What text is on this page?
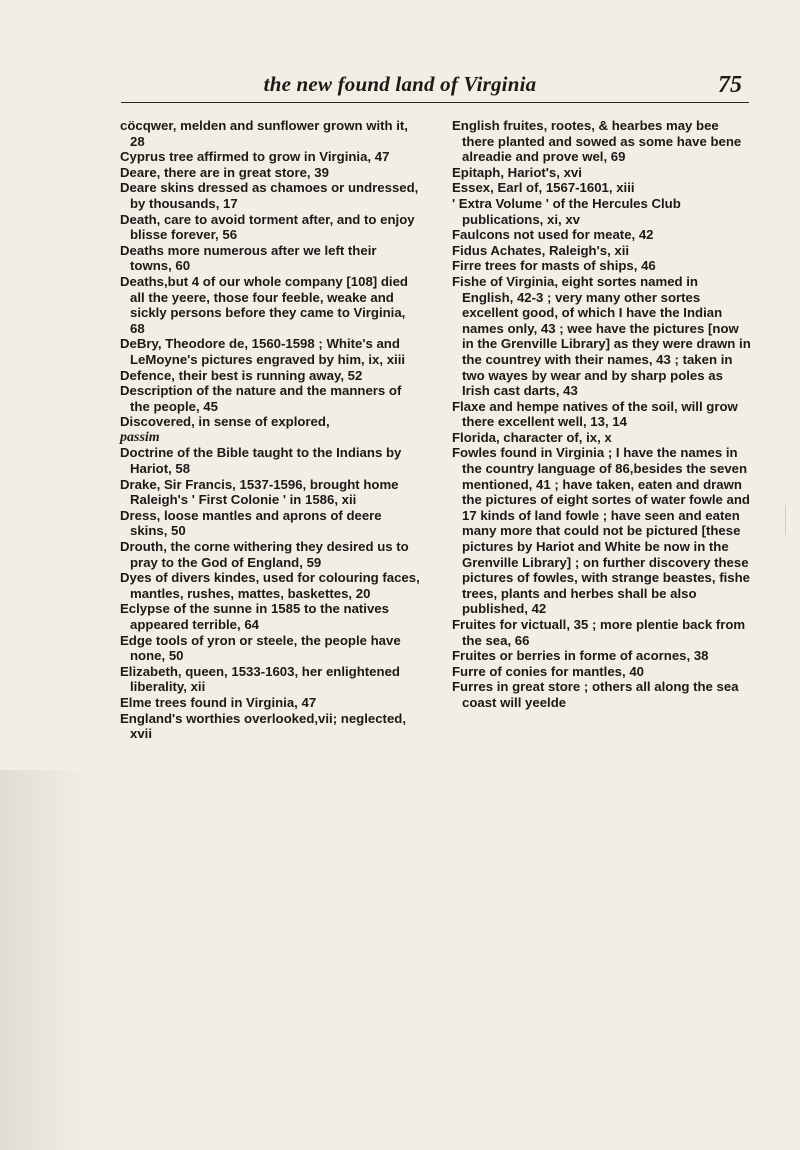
the new found land of Virginia	75

cöcqwer, melden and sunflower grown with it, 28

Cyprus tree affirmed to grow in Virginia, 47

Deare, there are in great store, 39

Deare skins dressed as chamoes or undressed, by thousands, 17

Death, care to avoid torment after, and to enjoy blisse forever, 56

Deaths more numerous after we left their towns, 60

Deaths,but 4 of our whole company [108] died all the yeere, those four feeble, weake and sickly persons before they came to Virginia, 68

DeBry, Theodore de, 1560-1598 ; White's and LeMoyne's pictures engraved by him, ix, xiii

Defence, their best is running away, 52

Description of the nature and the manners of the people, 45

Discovered, in sense of explored,

passim

Doctrine of the Bible taught to the Indians by Hariot, 58

Drake, Sir Francis, 1537-1596, brought home Raleigh's ' First Colonie ' in 1586, xii

Dress, loose mantles and aprons of deere skins, 50

Drouth, the corne withering they desired us to pray to the God of England, 59

Dyes of divers kindes, used for colouring faces, mantles, rushes, mattes, baskettes, 20

Eclypse of the sunne in 1585 to the natives appeared terrible, 64

Edge tools of yron or steele, the people have none, 50

Elizabeth, queen, 1533-1603, her enlightened liberality, xii

Elme trees found in Virginia, 47

England's worthies overlooked,vii; neglected, xvii

English fruites, rootes, & hearbes may bee there planted and sowed as some have bene alreadie and prove wel, 69

Epitaph, Hariot's, xvi

Essex, Earl of, 1567-1601, xiii

' Extra Volume ' of the Hercules Club publications, xi, xv

Faulcons not used for meate, 42

Fidus Achates, Raleigh's, xii

Firre trees for masts of ships, 46

Fishe of Virginia, eight sortes named in English, 42-3 ; very many other sortes excellent good, of which I have the Indian names only, 43 ; wee have the pictures [now in the Grenville Library] as they were drawn in the countrey with their names, 43 ; taken in two wayes by wear and by sharp poles as Irish cast darts, 43

Flaxe and hempe natives of the soil, will grow there excellent well, 13, 14

Florida, character of, ix, x

Fowles found in Virginia ; I have the names in the country language of 86,besides the seven mentioned, 41 ; have taken, eaten and drawn the pictures of eight sortes of water fowle and 17 kinds of land fowle ; have seen and eaten many more that could not be pictured [these pictures by Hariot and White be now in the Grenville Library] ; on further discovery these pictures of fowles, with strange beastes, fishe trees, plants and herbes shall be also published, 42

Fruites for victuall, 35 ; more plentie back from the sea, 66

Fruites or berries in forme of acornes, 38

Furre of conies for mantles, 40

Furres in great store ; others all along the sea coast will yeelde
